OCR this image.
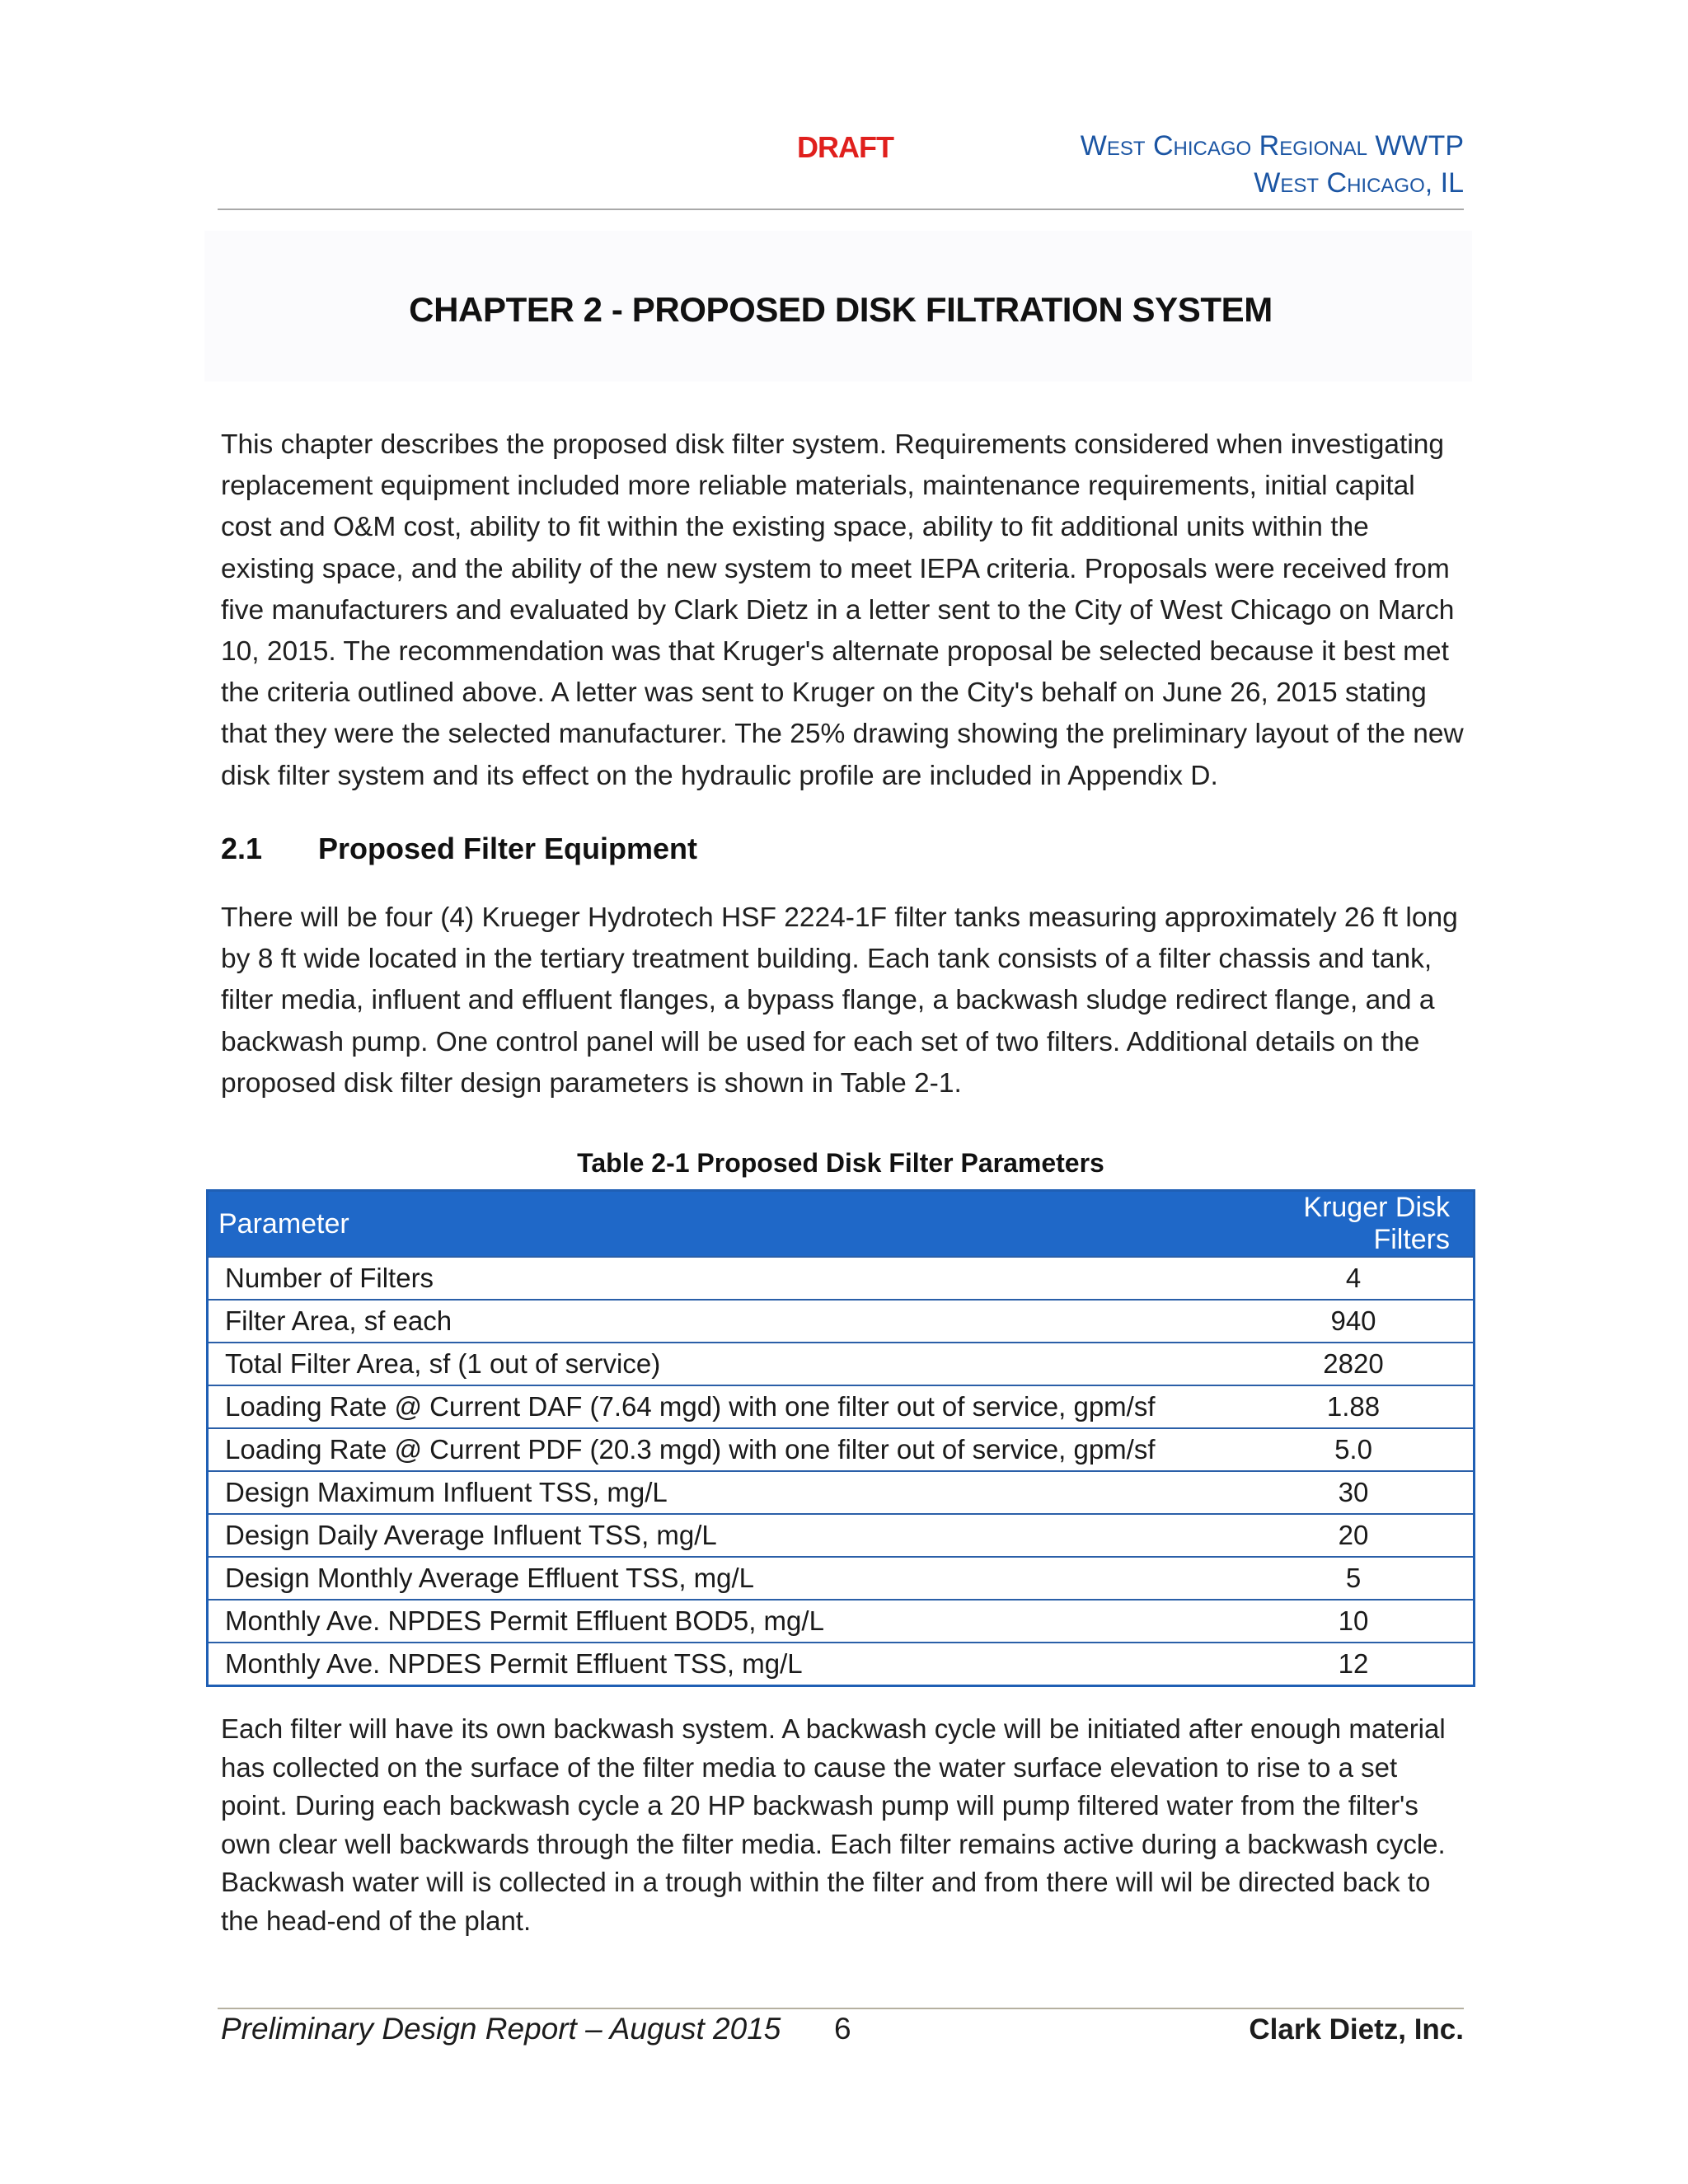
DRAFT	West Chicago Regional WWTP
West Chicago, IL
CHAPTER 2 - PROPOSED DISK FILTRATION SYSTEM
This chapter describes the proposed disk filter system. Requirements considered when investigating replacement equipment included more reliable materials, maintenance requirements, initial capital cost and O&M cost, ability to fit within the existing space, ability to fit additional units within the existing space, and the ability of the new system to meet IEPA criteria. Proposals were received from five manufacturers and evaluated by Clark Dietz in a letter sent to the City of West Chicago on March 10, 2015. The recommendation was that Kruger's alternate proposal be selected because it best met the criteria outlined above. A letter was sent to Kruger on the City's behalf on June 26, 2015 stating that they were the selected manufacturer. The 25% drawing showing the preliminary layout of the new disk filter system and its effect on the hydraulic profile are included in Appendix D.
2.1 Proposed Filter Equipment
There will be four (4) Krueger Hydrotech HSF 2224-1F filter tanks measuring approximately 26 ft long by 8 ft wide located in the tertiary treatment building. Each tank consists of a filter chassis and tank, filter media, influent and effluent flanges, a bypass flange, a backwash sludge redirect flange, and a backwash pump. One control panel will be used for each set of two filters. Additional details on the proposed disk filter design parameters is shown in Table 2-1.
Table 2-1 Proposed Disk Filter Parameters
Parameter	Kruger Disk Filters
Number of Filters	4
Filter Area, sf each	940
Total Filter Area, sf (1 out of service)	2820
Loading Rate @ Current DAF (7.64 mgd) with one filter out of service, gpm/sf	1.88
Loading Rate @ Current PDF (20.3 mgd) with one filter out of service, gpm/sf	5.0
Design Maximum Influent TSS, mg/L	30
Design Daily Average Influent TSS, mg/L	20
Design Monthly Average Effluent TSS, mg/L	5
Monthly Ave. NPDES Permit Effluent BOD5, mg/L	10
Monthly Ave. NPDES Permit Effluent TSS, mg/L	12
Each filter will have its own backwash system. A backwash cycle will be initiated after enough material has collected on the surface of the filter media to cause the water surface elevation to rise to a set point. During each backwash cycle a 20 HP backwash pump will pump filtered water from the filter's own clear well backwards through the filter media. Each filter remains active during a backwash cycle. Backwash water will is collected in a trough within the filter and from there will wil be directed back to the head-end of the plant.
Preliminary Design Report – August 2015 6	Clark Dietz, Inc.
